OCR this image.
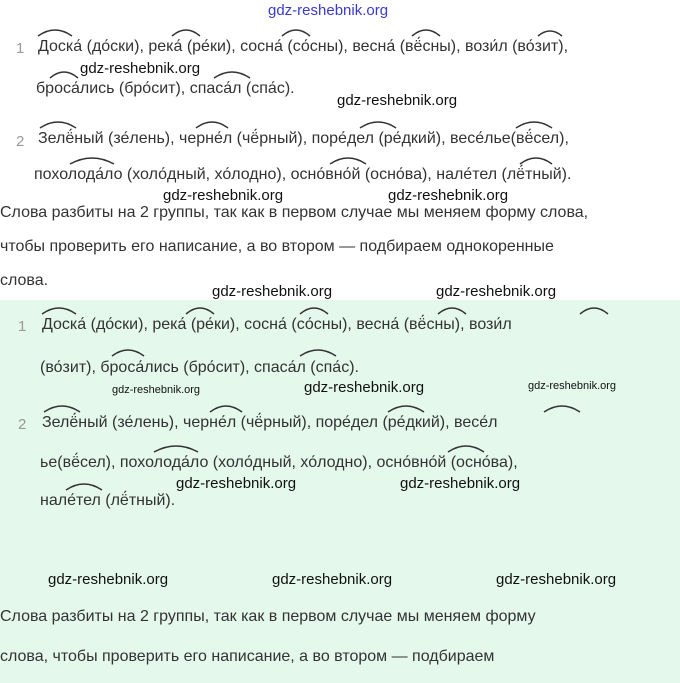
gdz-reshebnik.org
1 Доска́ (до́ски), река́ (ре́ки), сосна́ (со́сны), весна́ (вё́сны), вози́л (во́зит),
броса́лись (бро́сит), спаса́л (спа́с).
gdz-reshebnik.org
gdz-reshebnik.org
2 Зелё́ный (зе́лень), черне́л (чё́рный), поре́дел (ре́дкий), весе́лье(вё́сел),
похолода́ло (холо́дный, хо́лодно), осно́вно́й (осно́ва), нале́тел (лё́тный).
gdz-reshebnik.org	gdz-reshebnik.org
Слова разбиты на 2 группы, так как в первом случае мы меняем форму слова,
чтобы проверить его написание, а во втором — подбираем однокоренные
слова.
gdz-reshebnik.org	gdz-reshebnik.org
1 Доска́ (до́ски), река́ (ре́ки), сосна́ (со́сны), весна́ (вё́сны), вози́л
(во́зит), броса́лись (бро́сит), спаса́л (спа́с).
gdz-reshebnik.org	gdz-reshebnik.org	gdz-reshebnik.org
2 Зелё́ный (зе́лень), черне́л (чё́рный), поре́дел (ре́дкий), весе́л
ье(вё́сел), похолода́ло (холо́дный, хо́лодно), осно́вно́й (осно́ва),
gdz-reshebnik.org	gdz-reshebnik.org
нале́тел (лё́тный).
gdz-reshebnik.org	gdz-reshebnik.org	gdz-reshebnik.org
Слова разбиты на 2 группы, так как в первом случае мы меняем форму
слова, чтобы проверить его написание, а во втором — подбираем
